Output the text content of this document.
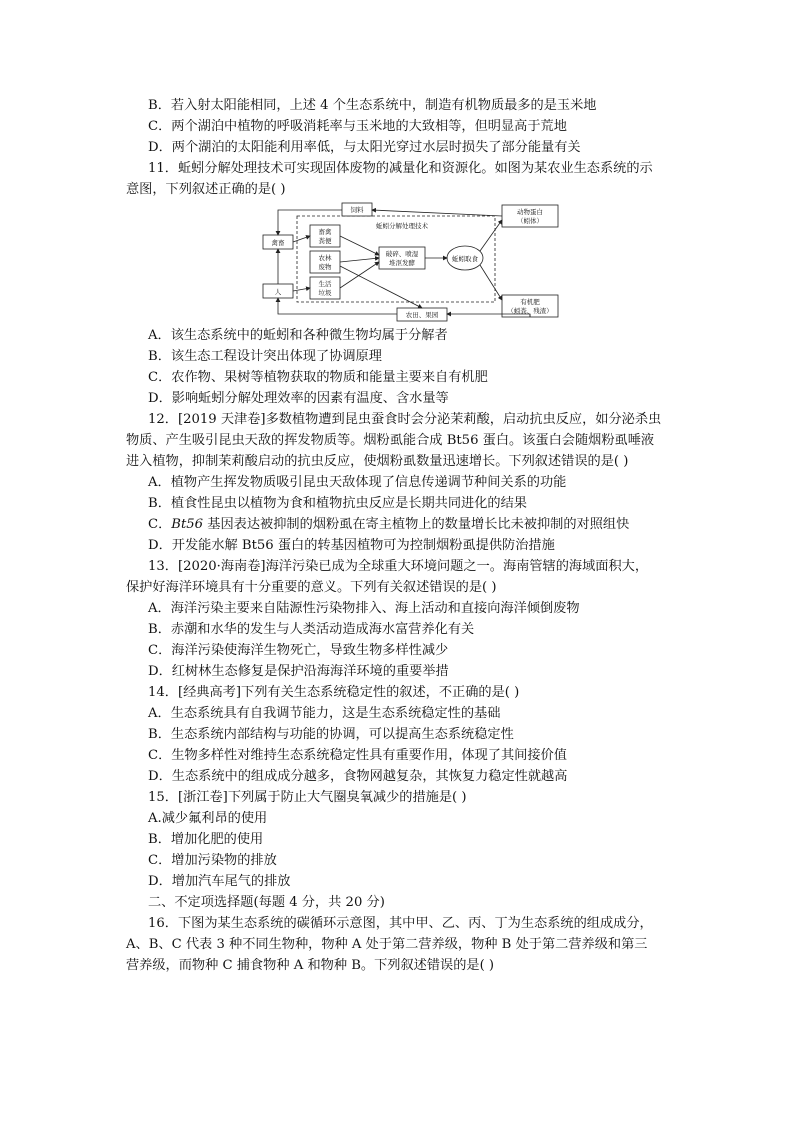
B．若入射太阳能相同，上述 4 个生态系统中，制造有机物质最多的是玉米地
C．两个湖泊中植物的呼吸消耗率与玉米地的大致相等，但明显高于荒地
D．两个湖泊的太阳能利用率低，与太阳光穿过水层时损失了部分能量有关
11．蚯蚓分解处理技术可实现固体废物的减量化和资源化。如图为某农业生态系统的示
意图，下列叙述正确的是( )
饲料
禽畜
人
畜禽
粪便
农林
废物
生活
垃圾
蚯蚓分解处理技术
破碎、喷湿
堆沤发酵	蚯蚓取食
动物蛋白
（蚓体）
有机肥
（蚓粪、残渣）
农田、果园
A．该生态系统中的蚯蚓和各种微生物均属于分解者
B．该生态工程设计突出体现了协调原理
C．农作物、果树等植物获取的物质和能量主要来自有机肥
D．影响蚯蚓分解处理效率的因素有温度、含水量等
12．[2019 天津卷]多数植物遭到昆虫蚕食时会分泌茉莉酸，启动抗虫反应，如分泌杀虫
物质、产生吸引昆虫天敌的挥发物质等。烟粉虱能合成 Bt56 蛋白。该蛋白会随烟粉虱唾液
进入植物，抑制茉莉酸启动的抗虫反应，使烟粉虱数量迅速增长。下列叙述错误的是( )
A．植物产生挥发物质吸引昆虫天敌体现了信息传递调节种间关系的功能
B．植食性昆虫以植物为食和植物抗虫反应是长期共同进化的结果
C．Bt56 基因表达被抑制的烟粉虱在寄主植物上的数量增长比未被抑制的对照组快
D．开发能水解 Bt56 蛋白的转基因植物可为控制烟粉虱提供防治措施
13．[2020·海南卷]海洋污染已成为全球重大环境问题之一。海南管辖的海域面积大，
保护好海洋环境具有十分重要的意义。下列有关叙述错误的是( )
A．海洋污染主要来自陆源性污染物排入、海上活动和直接向海洋倾倒废物
B．赤潮和水华的发生与人类活动造成海水富营养化有关
C．海洋污染使海洋生物死亡，导致生物多样性减少
D．红树林生态修复是保护沿海海洋环境的重要举措
14．[经典高考]下列有关生态系统稳定性的叙述，不正确的是( )
A．生态系统具有自我调节能力，这是生态系统稳定性的基础
B．生态系统内部结构与功能的协调，可以提高生态系统稳定性
C．生物多样性对维持生态系统稳定性具有重要作用，体现了其间接价值
D．生态系统中的组成成分越多，食物网越复杂，其恢复力稳定性就越高
15．[浙江卷]下列属于防止大气圈臭氧减少的措施是( )
A.减少氟利昂的使用
B．增加化肥的使用
C．增加污染物的排放
D．增加汽车尾气的排放
二、不定项选择题(每题 4 分，共 20 分)
16．下图为某生态系统的碳循环示意图，其中甲、乙、丙、丁为生态系统的组成成分，
A、B、C 代表 3 种不同生物种，物种 A 处于第二营养级，物种 B 处于第二营养级和第三
营养级，而物种 C 捕食物种 A 和物种 B。下列叙述错误的是( )
